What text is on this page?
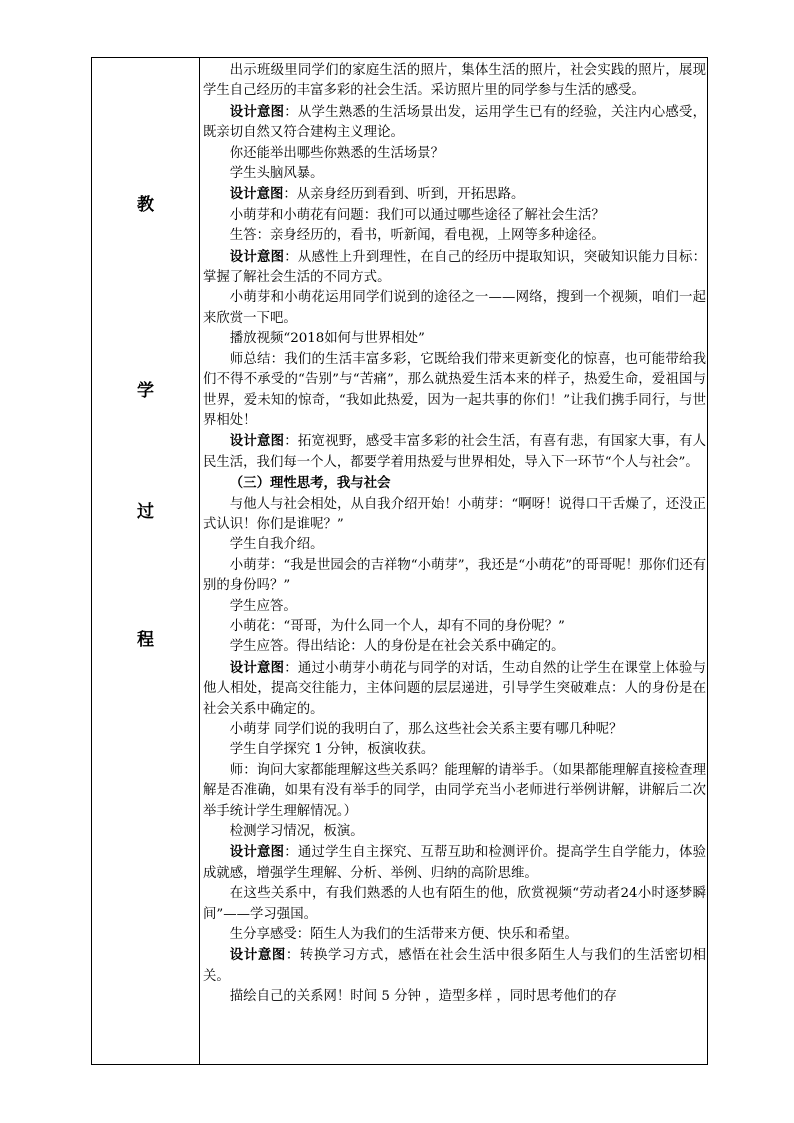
教
学
过
程

出示班级里同学们的家庭生活的照片，集体生活的照片，社会实践的照片，展现学生自己经历的丰富多彩的社会生活。采访照片里的同学参与生活的感受。

设计意图：从学生熟悉的生活场景出发，运用学生已有的经验，关注内心感受，既亲切自然又符合建构主义理论。

你还能举出哪些你熟悉的生活场景？

学生头脑风暴。

设计意图：从亲身经历到看到、听到，开拓思路。

小萌芽和小萌花有问题：我们可以通过哪些途径了解社会生活？

生答：亲身经历的，看书，听新闻，看电视，上网等多种途径。

设计意图：从感性上升到理性，在自己的经历中提取知识，突破知识能力目标：掌握了解社会生活的不同方式。

小萌芽和小萌花运用同学们说到的途径之一——网络，搜到一个视频，咱们一起来欣赏一下吧。

播放视频“2018如何与世界相处”

师总结：我们的生活丰富多彩，它既给我们带来更新变化的惊喜，也可能带给我们不得不承受的“告别”与“苦痛”，那么就热爱生活本来的样子，热爱生命，爱祖国与世界，爱未知的惊奇，“我如此热爱，因为一起共事的你们！”让我们携手同行，与世界相处！

设计意图：拓宽视野，感受丰富多彩的社会生活，有喜有悲，有国家大事，有人民生活，我们每一个人，都要学着用热爱与世界相处，导入下一环节“个人与社会”。

（三）理性思考，我与社会

与他人与社会相处，从自我介绍开始！小萌芽：“啊呀！说得口干舌燥了，还没正式认识！你们是谁呢？”

学生自我介绍。

小萌芽：“我是世园会的吉祥物“小萌芽”，我还是“小萌花”的哥哥呢！那你们还有别的身份吗？”

学生应答。

小萌花：“哥哥，为什么同一个人，却有不同的身份呢？”

学生应答。得出结论：人的身份是在社会关系中确定的。

设计意图：通过小萌芽小萌花与同学的对话，生动自然的让学生在课堂上体验与他人相处，提高交往能力，主体问题的层层递进，引导学生突破难点：人的身份是在社会关系中确定的。

小萌芽 同学们说的我明白了，那么这些社会关系主要有哪几种呢？

学生自学探究 1 分钟，板演收获。

师：询问大家都能理解这些关系吗？能理解的请举手。（如果都能理解直接检查理解是否准确，如果有没有举手的同学，由同学充当小老师进行举例讲解，讲解后二次举手统计学生理解情况。）

检测学习情况，板演。

设计意图：通过学生自主探究、互帮互助和检测评价。提高学生自学能力，体验成就感，增强学生理解、分析、举例、归纳的高阶思维。

在这些关系中，有我们熟悉的人也有陌生的他，欣赏视频“劳动者24小时逐梦瞬间”——学习强国。

生分享感受：陌生人为我们的生活带来方便、快乐和希望。

设计意图：转换学习方式，感悟在社会生活中很多陌生人与我们的生活密切相关。

描绘自己的关系网！时间 5 分钟 ，造型多样 ，同时思考他们的存
